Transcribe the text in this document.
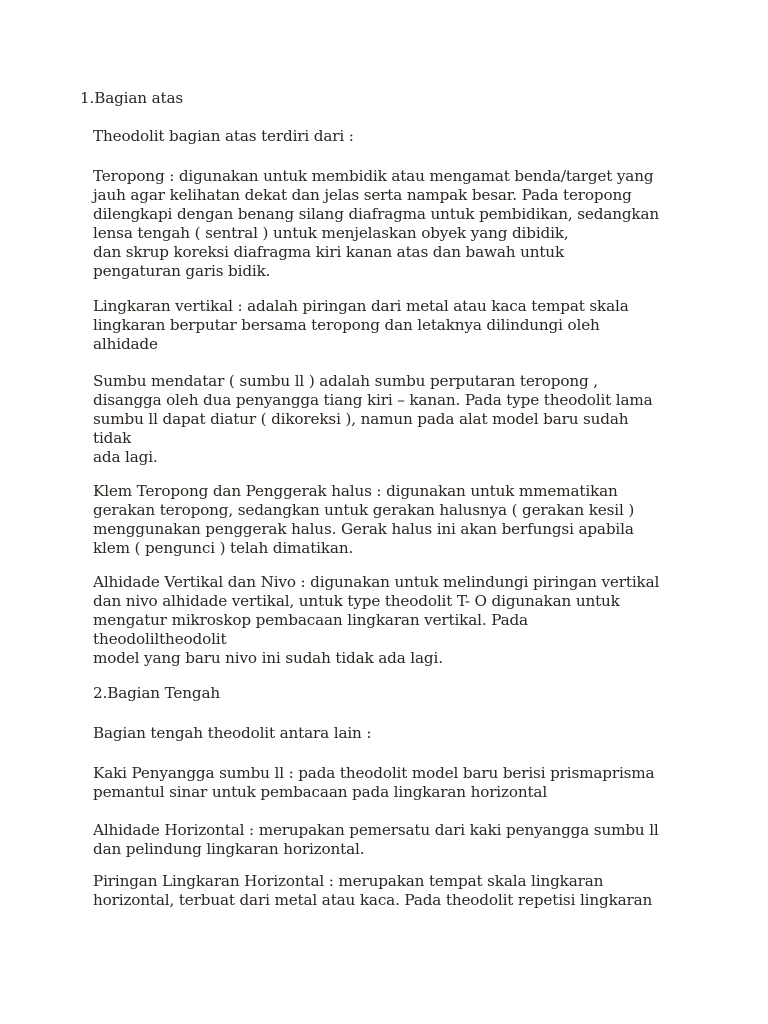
1.Bagian atas
Theodolit bagian atas terdiri dari :
Teropong : digunakan untuk membidik atau mengamat benda/target yang
jauh agar kelihatan dekat dan jelas serta nampak besar. Pada teropong
dilengkapi dengan benang silang diafragma untuk pembidikan, sedangkan
lensa tengah ( sentral ) untuk menjelaskan obyek yang dibidik,
dan skrup koreksi diafragma kiri kanan atas dan bawah untuk
pengaturan garis bidik.
Lingkaran vertikal : adalah piringan dari metal atau kaca tempat skala
lingkaran berputar bersama teropong dan letaknya dilindungi oleh
alhidade
Sumbu mendatar ( sumbu ll ) adalah sumbu perputaran teropong ,
disangga oleh dua penyangga tiang kiri – kanan. Pada type theodolit lama
sumbu ll dapat diatur ( dikoreksi ), namun pada alat model baru sudah
tidak
ada lagi.
Klem Teropong dan Penggerak halus : digunakan untuk mmematikan
gerakan teropong, sedangkan untuk gerakan halusnya ( gerakan kesil )
menggunakan penggerak halus. Gerak halus ini akan berfungsi apabila
klem ( pengunci ) telah dimatikan.
Alhidade Vertikal dan Nivo : digunakan untuk melindungi piringan vertikal
dan nivo alhidade vertikal, untuk type theodolit T- O digunakan untuk
mengatur mikroskop pembacaan lingkaran vertikal. Pada
theodoliltheodolit
model yang baru nivo ini sudah tidak ada lagi.
2.Bagian Tengah
Bagian tengah theodolit antara lain :
Kaki Penyangga sumbu ll : pada theodolit model baru berisi prismaprisma
pemantul sinar untuk pembacaan pada lingkaran horizontal
Alhidade Horizontal : merupakan pemersatu dari kaki penyangga sumbu ll
dan pelindung lingkaran horizontal.
Piringan Lingkaran Horizontal : merupakan tempat skala lingkaran
horizontal, terbuat dari metal atau kaca. Pada theodolit repetisi lingkaran
